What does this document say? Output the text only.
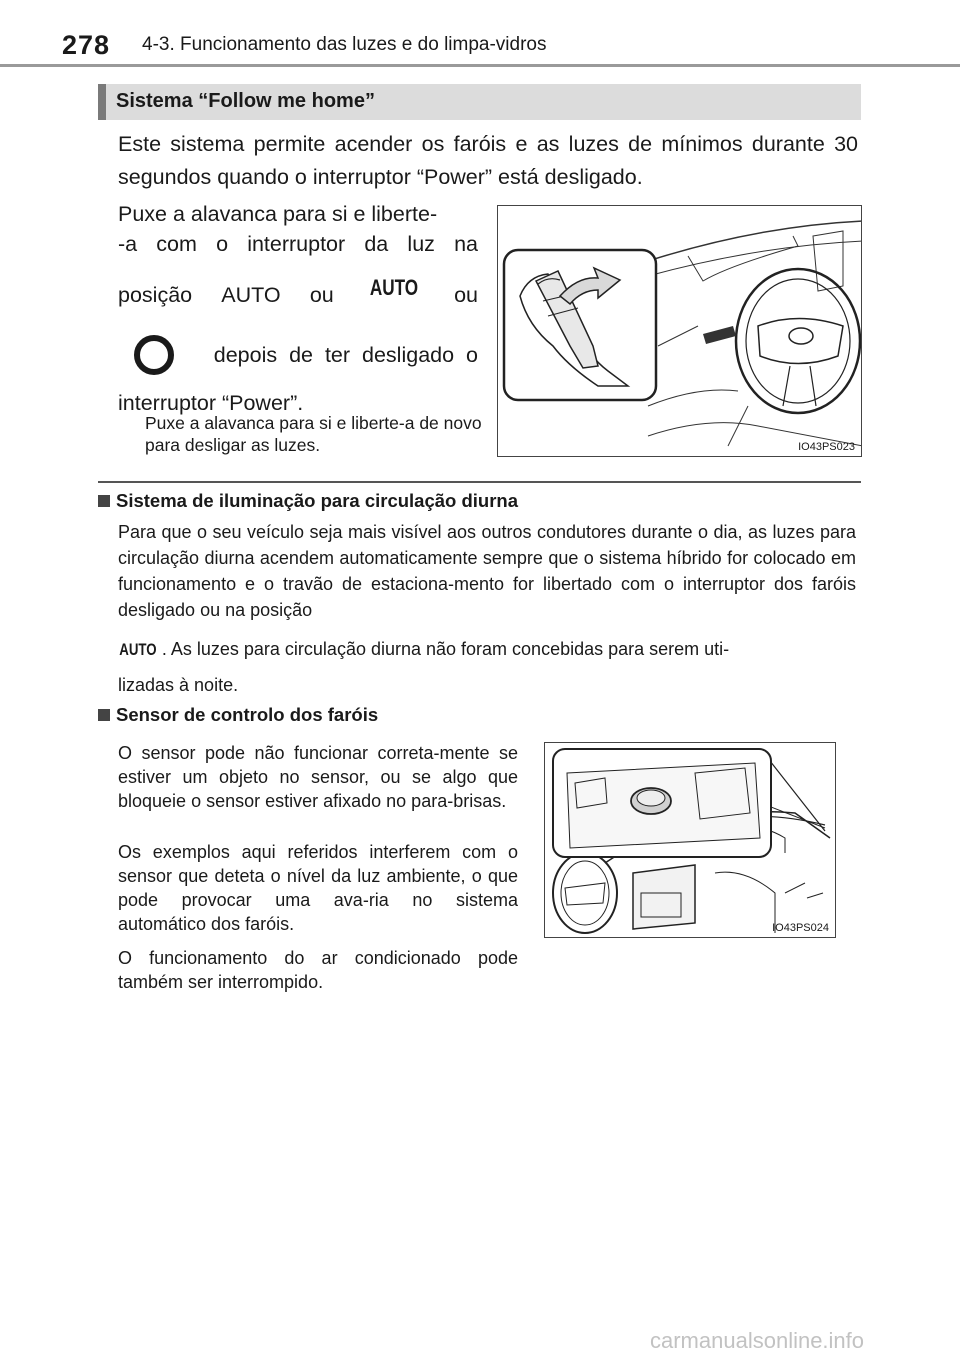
278 4-3. Funcionamento das luzes e do limpa-vidros
Sistema “Follow me home”
Este sistema permite acender os faróis e as luzes de mínimos durante 30 segundos quando o interruptor “Power” está desligado.
Puxe a alavanca para si e liberte-
-a com o interruptor da luz na
posição AUTO ou AUTO ou
depois de ter desligado o
interruptor “Power”.
Puxe a alavanca para si e liberte-a de novo para desligar as luzes.	IO43PS023
Sistema de iluminação para circulação diurna
Para que o seu veículo seja mais visível aos outros condutores durante o dia, as luzes para circulação diurna acendem automaticamente sempre que o sistema híbrido for colocado em funcionamento e o travão de estaciona-mento for libertado com o interruptor dos faróis desligado ou na posição
AUTO . As luzes para circulação diurna não foram concebidas para serem uti-
lizadas à noite.
Sensor de controlo dos faróis
O sensor pode não funcionar correta-mente se estiver um objeto no sensor, ou se algo que bloqueie o sensor estiver afixado no para-brisas.
Os exemplos aqui referidos interferem com o sensor que deteta o nível da luz ambiente, o que pode provocar uma ava-ria no sistema automático dos faróis.
O funcionamento do ar condicionado pode também ser interrompido.
IO43PS024
carmanualsonline.info
